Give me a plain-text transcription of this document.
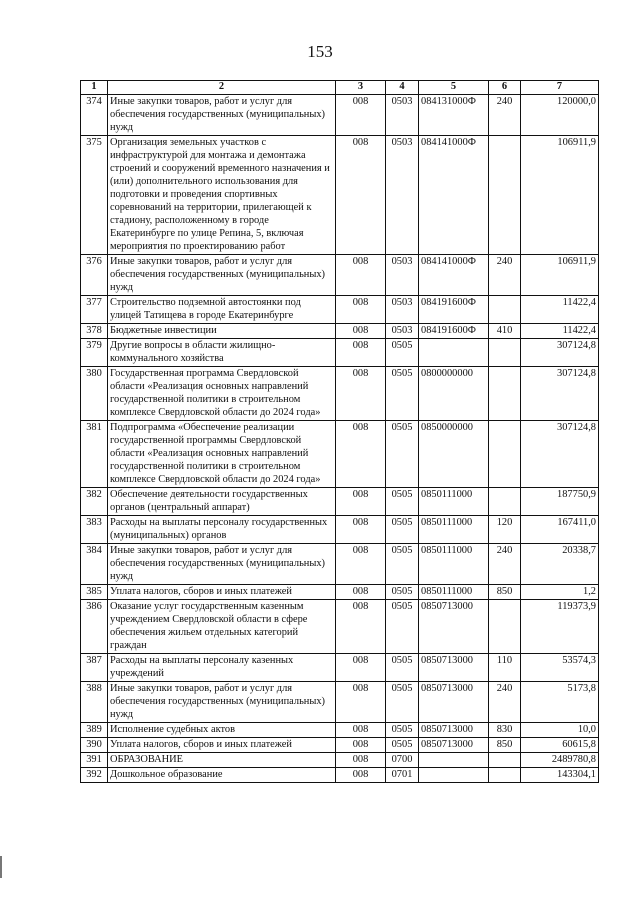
153
1	2	3	4	5	6	7
374	Иные закупки товаров, работ и услуг для обеспечения государственных (муниципальных) нужд	008	0503	084131000Ф	240	120000,0
375	Организация земельных участков с инфраструктурой для монтажа и демонтажа строений и сооружений временного назначения и (или) дополнительного использования для подготовки и проведения спортивных соревнований на территории, прилегающей к стадиону, расположенному в городе Екатеринбурге по улице Репина, 5, включая мероприятия по проектированию работ	008	0503	084141000Ф		106911,9
376	Иные закупки товаров, работ и услуг для обеспечения государственных (муниципальных) нужд	008	0503	084141000Ф	240	106911,9
377	Строительство подземной автостоянки под улицей Татищева в городе Екатеринбурге	008	0503	084191600Ф		11422,4
378	Бюджетные инвестиции	008	0503	084191600Ф	410	11422,4
379	Другие вопросы в области жилищно-коммунального хозяйства	008	0505			307124,8
380	Государственная программа Свердловской области «Реализация основных направлений государственной политики в строительном комплексе Свердловской области до 2024 года»	008	0505	0800000000		307124,8
381	Подпрограмма «Обеспечение реализации государственной программы Свердловской области «Реализация основных направлений государственной политики в строительном комплексе Свердловской области до 2024 года»	008	0505	0850000000		307124,8
382	Обеспечение деятельности государственных органов (центральный аппарат)	008	0505	0850111000		187750,9
383	Расходы на выплаты персоналу государственных (муниципальных) органов	008	0505	0850111000	120	167411,0
384	Иные закупки товаров, работ и услуг для обеспечения государственных (муниципальных) нужд	008	0505	0850111000	240	20338,7
385	Уплата налогов, сборов и иных платежей	008	0505	0850111000	850	1,2
386	Оказание услуг государственным казенным учреждением Свердловской области в сфере обеспечения жильем отдельных категорий граждан	008	0505	0850713000		119373,9
387	Расходы на выплаты персоналу казенных учреждений	008	0505	0850713000	110	53574,3
388	Иные закупки товаров, работ и услуг для обеспечения государственных (муниципальных) нужд	008	0505	0850713000	240	5173,8
389	Исполнение судебных актов	008	0505	0850713000	830	10,0
390	Уплата налогов, сборов и иных платежей	008	0505	0850713000	850	60615,8
391	ОБРАЗОВАНИЕ	008	0700			2489780,8
392	Дошкольное образование	008	0701			143304,1
